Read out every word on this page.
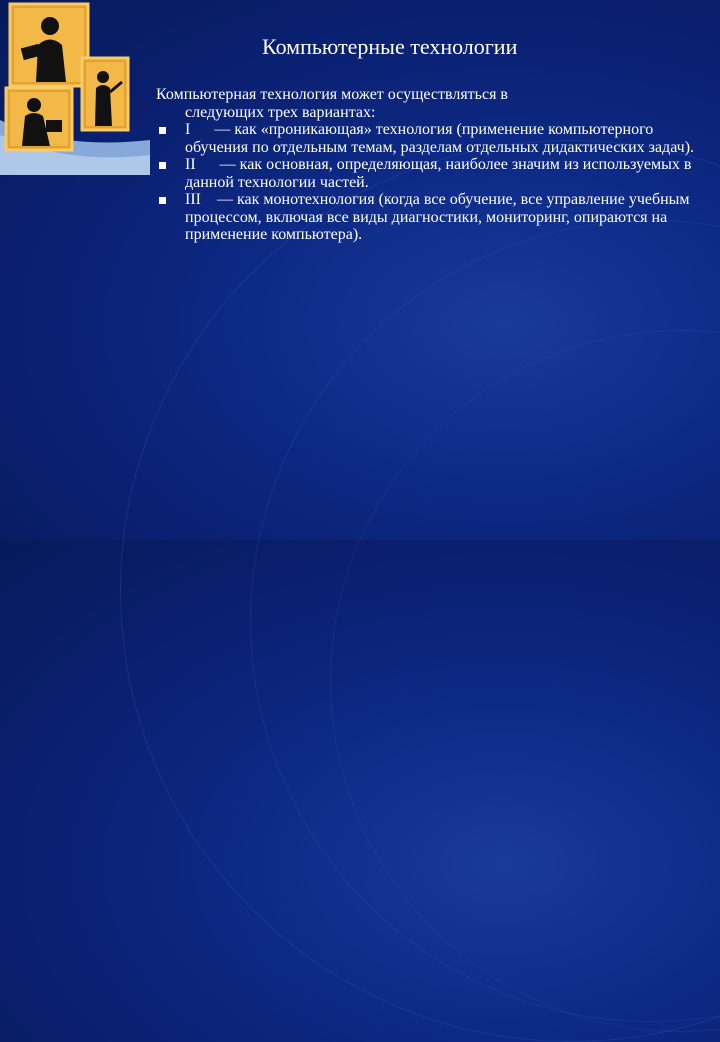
Компьютерные технологии
Компьютерная технология может осуществляться в
следующих трех вариантах:
I      — как «проникающая» технология (применение компьютерного обучения по отдельным темам, разделам отдельных дидактических задач).
II      — как основная, определяющая, наиболее значим из используемых в данной технологии частей.
III    — как монотехнология (когда все обучение, все управление учебным процессом, включая все виды диагностики, мониторинг, опираются на применение компьютера).
